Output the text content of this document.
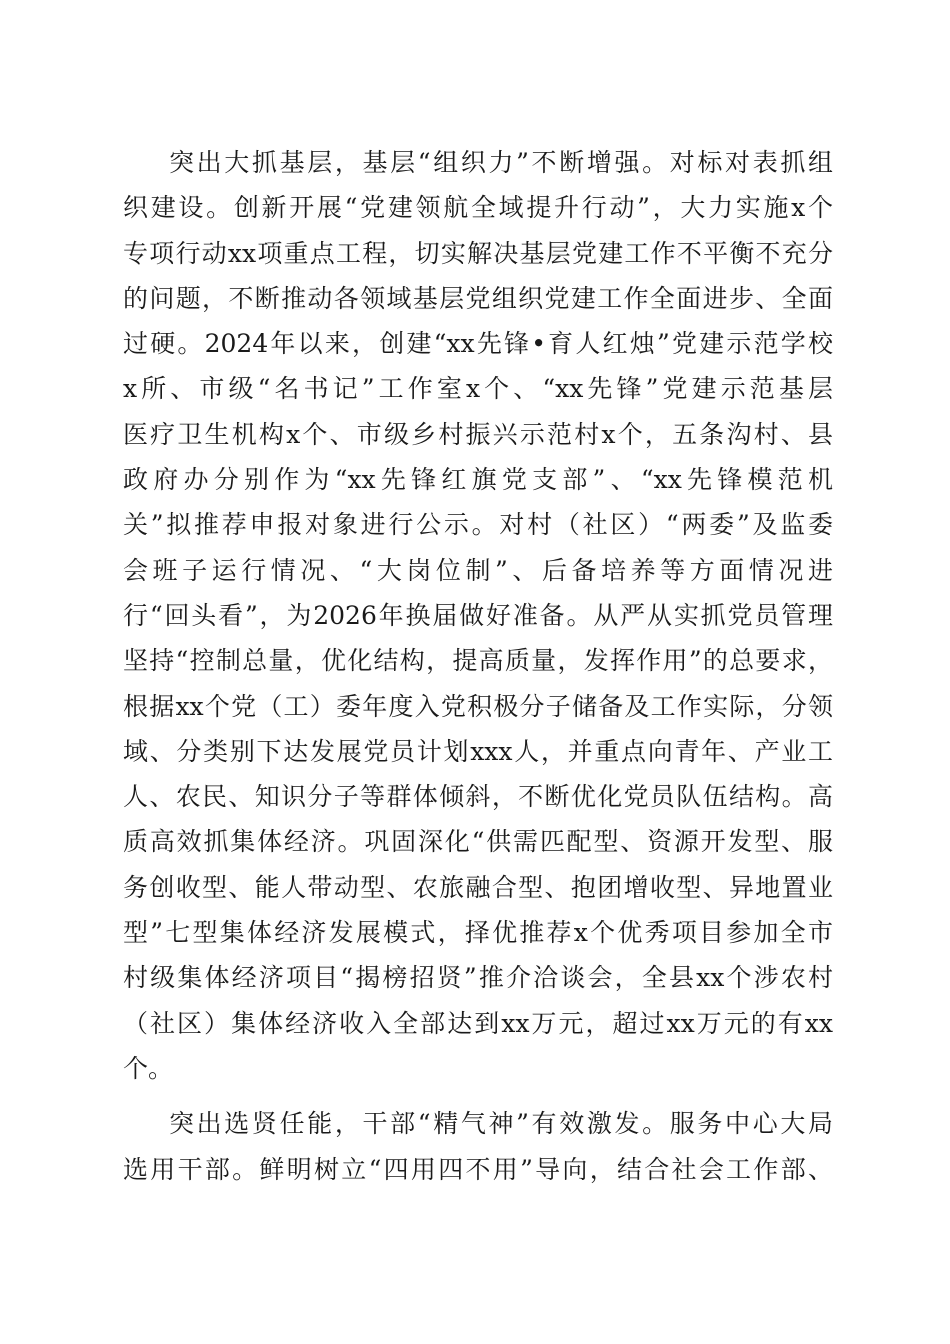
突出大抓基层，基层“组织力”不断增强。对标对表抓组
织建设。创新开展“党建领航全域提升行动”，大力实施x个
专项行动xx项重点工程，切实解决基层党建工作不平衡不充分
的问题，不断推动各领域基层党组织党建工作全面进步、全面
过硬。2024年以来，创建“xx先锋•育人红烛”党建示范学校
x所、市级“名书记”工作室x个、“xx先锋”党建示范基层
医疗卫生机构x个、市级乡村振兴示范村x个，五条沟村、县
政府办分别作为“xx先锋红旗党支部”、“xx先锋模范机
关”拟推荐申报对象进行公示。对村（社区）“两委”及监委
会班子运行情况、“大岗位制”、后备培养等方面情况进
行“回头看”，为2026年换届做好准备。从严从实抓党员管理
坚持“控制总量，优化结构，提高质量，发挥作用”的总要求，
根据xx个党（工）委年度入党积极分子储备及工作实际，分领
域、分类别下达发展党员计划xxx人，并重点向青年、产业工
人、农民、知识分子等群体倾斜，不断优化党员队伍结构。高
质高效抓集体经济。巩固深化“供需匹配型、资源开发型、服
务创收型、能人带动型、农旅融合型、抱团增收型、异地置业
型”七型集体经济发展模式，择优推荐x个优秀项目参加全市
村级集体经济项目“揭榜招贤”推介洽谈会，全县xx个涉农村
（社区）集体经济收入全部达到xx万元，超过xx万元的有xx
个。
突出选贤任能，干部“精气神”有效激发。服务中心大局
选用干部。鲜明树立“四用四不用”导向，结合社会工作部、
